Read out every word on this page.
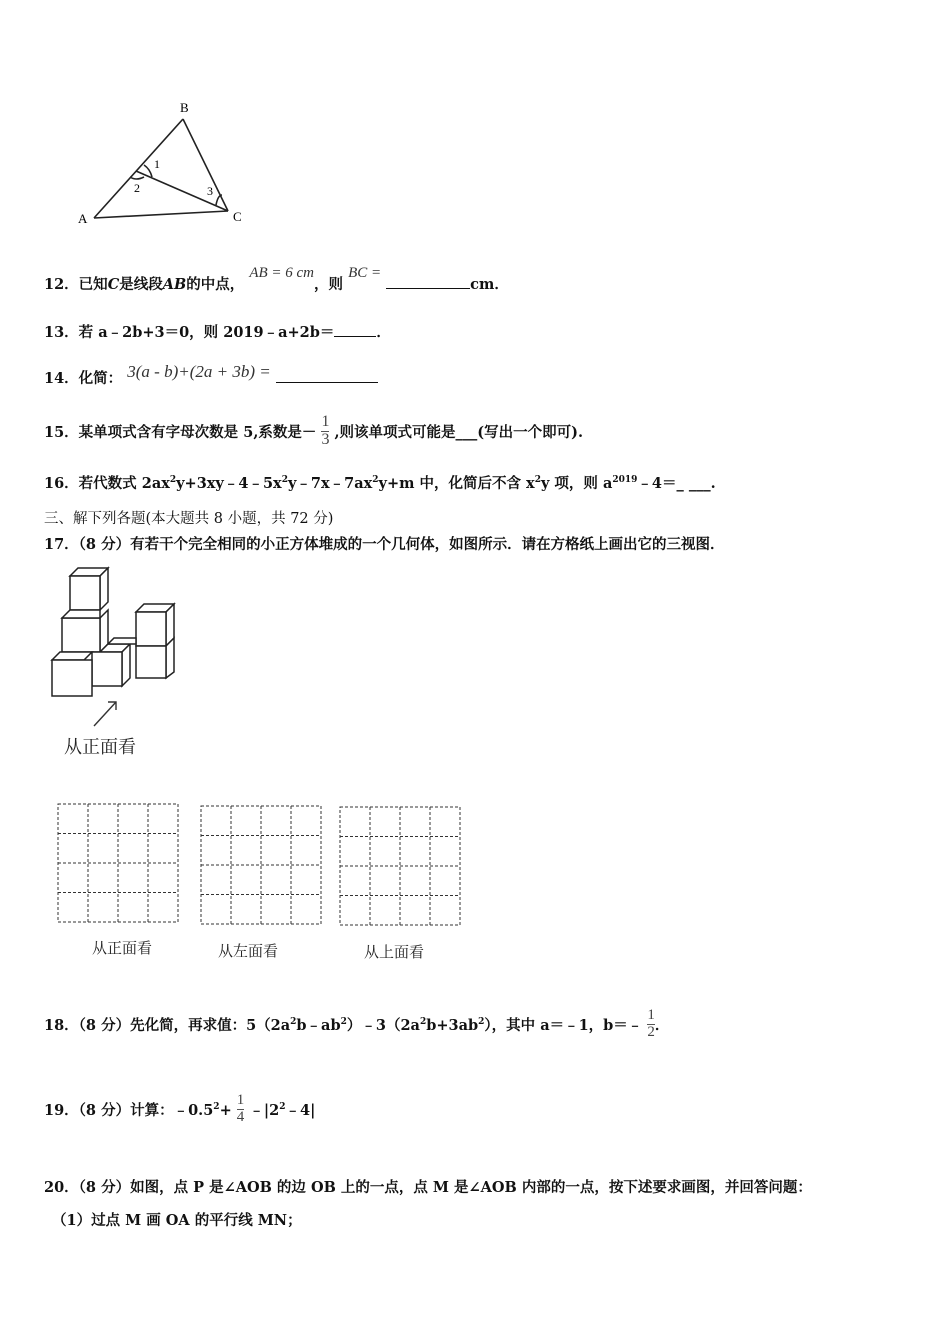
B
A	C
1
2	3
12．已知C是线段AB的中点， AB = 6 cm，则 BC = cm．
13．若 a﹣2b+3＝0，则 2019﹣a+2b＝	．
14．化简： 3(a - b)+(2a + 3b) =
15．某单项式含有字母次数是 5,系数是－ $\frac{1}{3}$ ,则该单项式可能是___(写出一个即可).
16．若代数式 $2ax^2y+3xy﹣4﹣5x^2y﹣7x﹣7ax^2y+m$ 中，化简后不含 $x^2y$ 项，则 $a^{2019}﹣4=\_$ ___.
三、解下列各题(本大题共 8 小题，共 72 分)
17．（8 分）有若干个完全相同的小正方体堆成的一个几何体，如图所示．请在方格纸上画出它的三视图．
从正面看
从正面看	从左面看	从上面看
18．（8 分）先化简，再求值：$5(2a^2b﹣ab^2)﹣3(2a^2b+3ab^2)$，其中 a＝﹣1，b＝﹣ $\frac{1}{2}$ ．
19．（8 分）计算：$﹣0.5^2+ \frac{1}{4}$ $﹣|2^2﹣4|$
20．（8 分）如图，点 P 是∠AOB 的边 OB 上的一点，点 M 是∠AOB 内部的一点，按下述要求画图，并回答问题：
（1）过点 M 画 OA 的平行线 MN；
